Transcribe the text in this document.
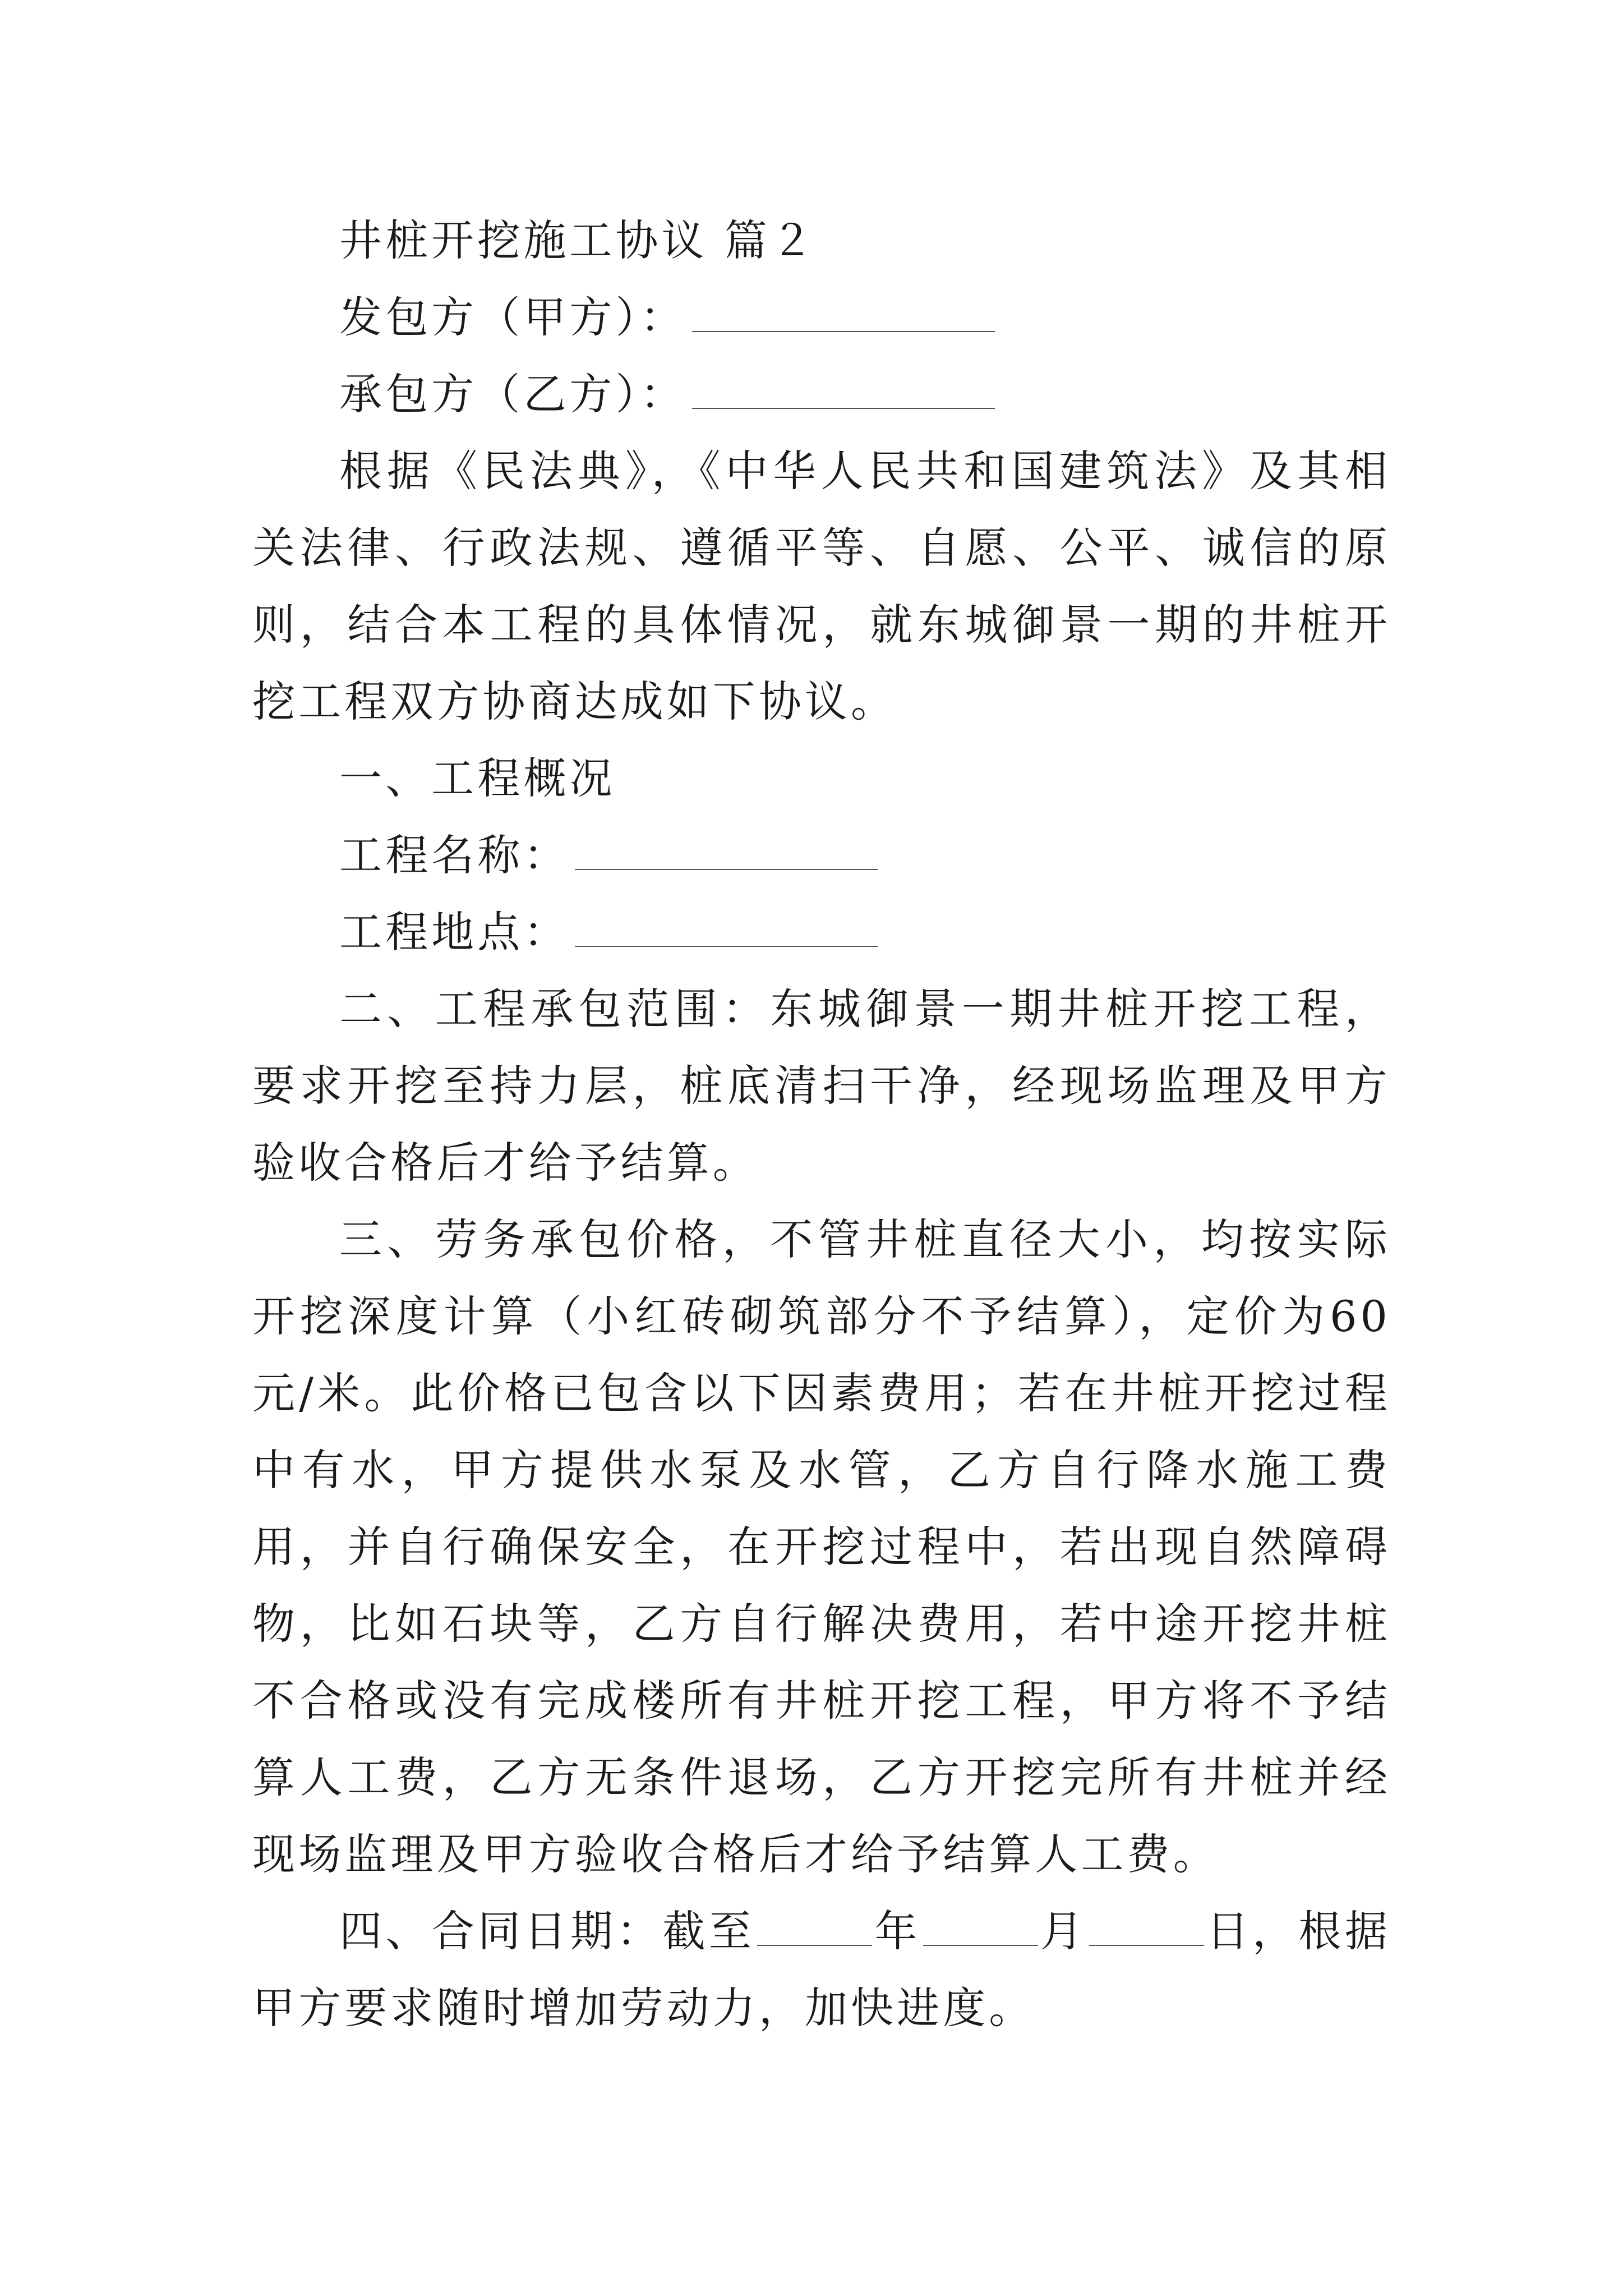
井桩开挖施工协议 篇２

发包方（甲方）：

承包方（乙方）：

根据《民法典》，《中华人民共和国建筑法》及其相关法律、行政法规、遵循平等、自愿、公平、诚信的原则，结合本工程的具体情况，就东城御景一期的井桩开挖工程双方协商达成如下协议。

一、工程概况

工程名称：

工程地点：

二、工程承包范围：东城御景一期井桩开挖工程，要求开挖至持力层，桩底清扫干净，经现场监理及甲方验收合格后才给予结算。

三、劳务承包价格，不管井桩直径大小，均按实际开挖深度计算（小红砖砌筑部分不予结算），定价为60元/米。此价格已包含以下因素费用；若在井桩开挖过程中有水，甲方提供水泵及水管，乙方自行降水施工费用，并自行确保安全，在开挖过程中，若出现自然障碍物，比如石块等，乙方自行解决费用，若中途开挖井桩不合格或没有完成楼所有井桩开挖工程，甲方将不予结算人工费，乙方无条件退场，乙方开挖完所有井桩并经现场监理及甲方验收合格后才给予结算人工费。

四、合同日期：截至	年	月	日，根据甲方要求随时增加劳动力，加快进度。
